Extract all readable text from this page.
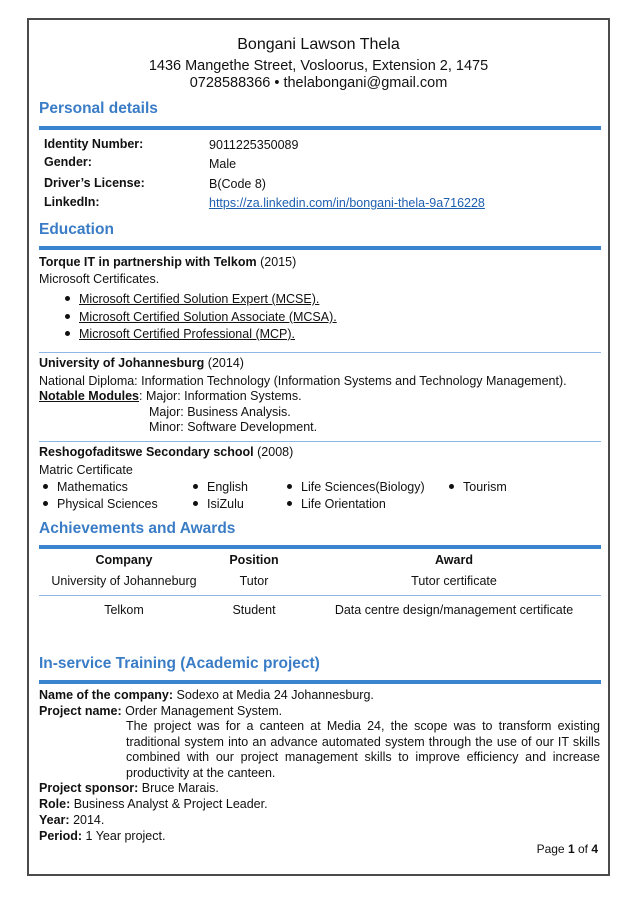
Bongani Lawson Thela
1436 Mangethe Street, Vosloorus, Extension 2, 1475
0728588366 • thelabongani@gmail.com
Personal details
Identity Number:	9011225350089
Gender:	Male
Driver’s License:	B(Code 8)
LinkedIn:	https://za.linkedin.com/in/bongani-thela-9a716228
Education
Torque IT in partnership with Telkom (2015)
Microsoft Certificates.
Microsoft Certified Solution Expert (MCSE).
Microsoft Certified Solution Associate (MCSA).
Microsoft Certified Professional (MCP).
University of Johannesburg (2014)
National Diploma: Information Technology (Information Systems and Technology Management).
Notable Modules: Major: Information Systems.
Major: Business Analysis.
Minor: Software Development.
Reshogofaditswe Secondary school (2008)
Matric Certificate
Mathematics	English	Life Sciences(Biology)	Tourism
Physical Sciences	IsiZulu	Life Orientation
Achievements and Awards
Company	Position	Award
University of Johanneburg	Tutor	Tutor certificate
Telkom	Student	Data centre design/management certificate
In-service Training (Academic project)
Name of the company: Sodexo at Media 24 Johannesburg.
Project name: Order Management System.
The project was for a canteen at Media 24, the scope was to transform existing traditional system into an advance automated system through the use of our IT skills combined with our project management skills to improve efficiency and increase productivity at the canteen.
Project sponsor: Bruce Marais.
Role: Business Analyst & Project Leader.
Year: 2014.
Period: 1 Year project.
Page 1 of 4
